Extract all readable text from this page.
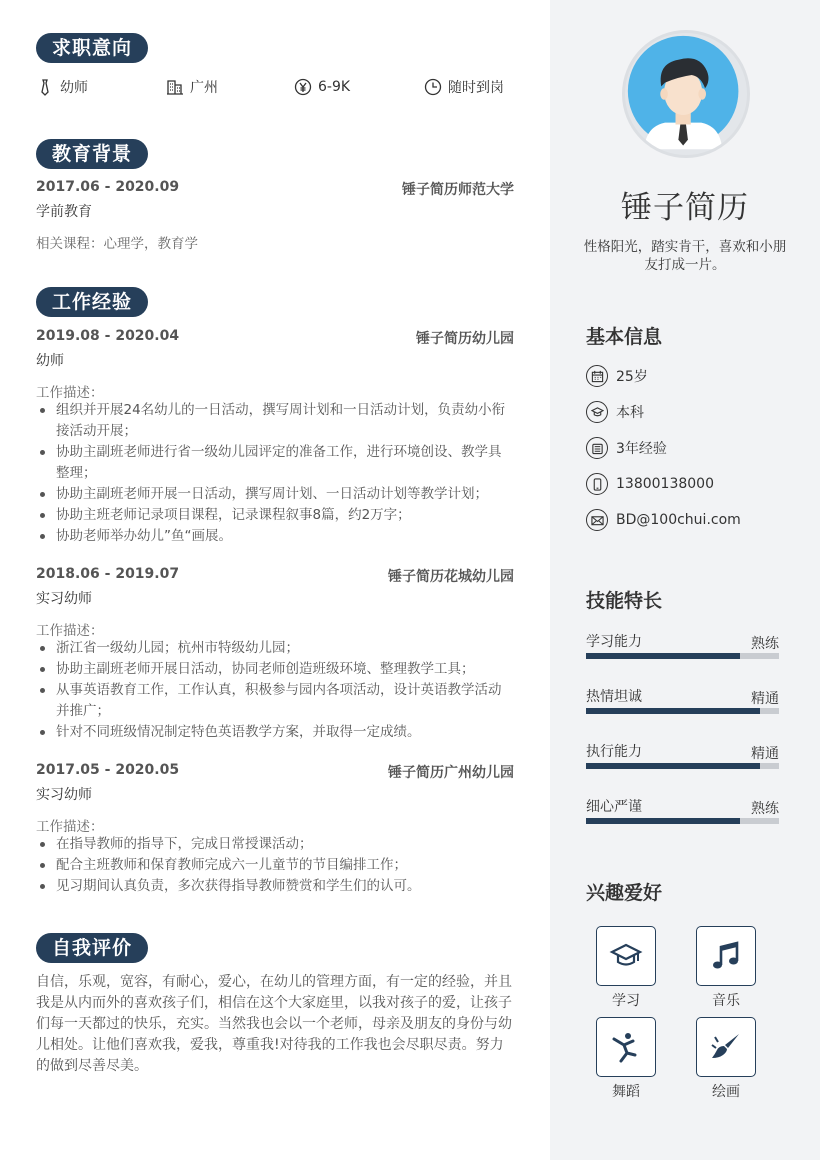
求职意向
幼师	广州	6-9K	随时到岗
教育背景
2017.06 - 2020.09	锤子简历师范大学
学前教育
相关课程：心理学，教育学
工作经验
2019.08 - 2020.04	锤子简历幼儿园
幼师
工作描述：
组织并开展24名幼儿的一日活动，撰写周计划和一日活动计划，负责幼小衔接活动开展；
协助主副班老师进行省一级幼儿园评定的准备工作，进行环境创设、教学具整理；
协助主副班老师开展一日活动，撰写周计划、一日活动计划等教学计划；
协助主班老师记录项目课程，记录课程叙事8篇，约2万字；
协助老师举办幼儿”鱼“画展。
2018.06 - 2019.07	锤子简历花城幼儿园
实习幼师
工作描述：
浙江省一级幼儿园；杭州市特级幼儿园；
协助主副班老师开展日活动，协同老师创造班级环境、整理教学工具；
从事英语教育工作，工作认真，积极参与园内各项活动，设计英语教学活动并推广；
针对不同班级情况制定特色英语教学方案，并取得一定成绩。
2017.05 - 2020.05	锤子简历广州幼儿园
实习幼师
工作描述：
在指导教师的指导下，完成日常授课活动；
配合主班教师和保育教师完成六一儿童节的节目编排工作；
见习期间认真负责，多次获得指导教师赞赏和学生们的认可。
自我评价
自信，乐观，宽容，有耐心，爱心，在幼儿的管理方面，有一定的经验，并且我是从内而外的喜欢孩子们，相信在这个大家庭里，以我对孩子的爱，让孩子们每一天都过的快乐，充实。当然我也会以一个老师，母亲及朋友的身份与幼儿相处。让他们喜欢我，爱我，尊重我!对待我的工作我也会尽职尽责。努力的做到尽善尽美。
锤子简历
性格阳光，踏实肯干，喜欢和小朋友打成一片。
基本信息
25岁
本科
3年经验
13800138000
BD@100chui.com
技能特长
学习能力	熟练
热情坦诚	精通
执行能力	精通
细心严谨	熟练
兴趣爱好
学习	音乐
舞蹈	绘画
